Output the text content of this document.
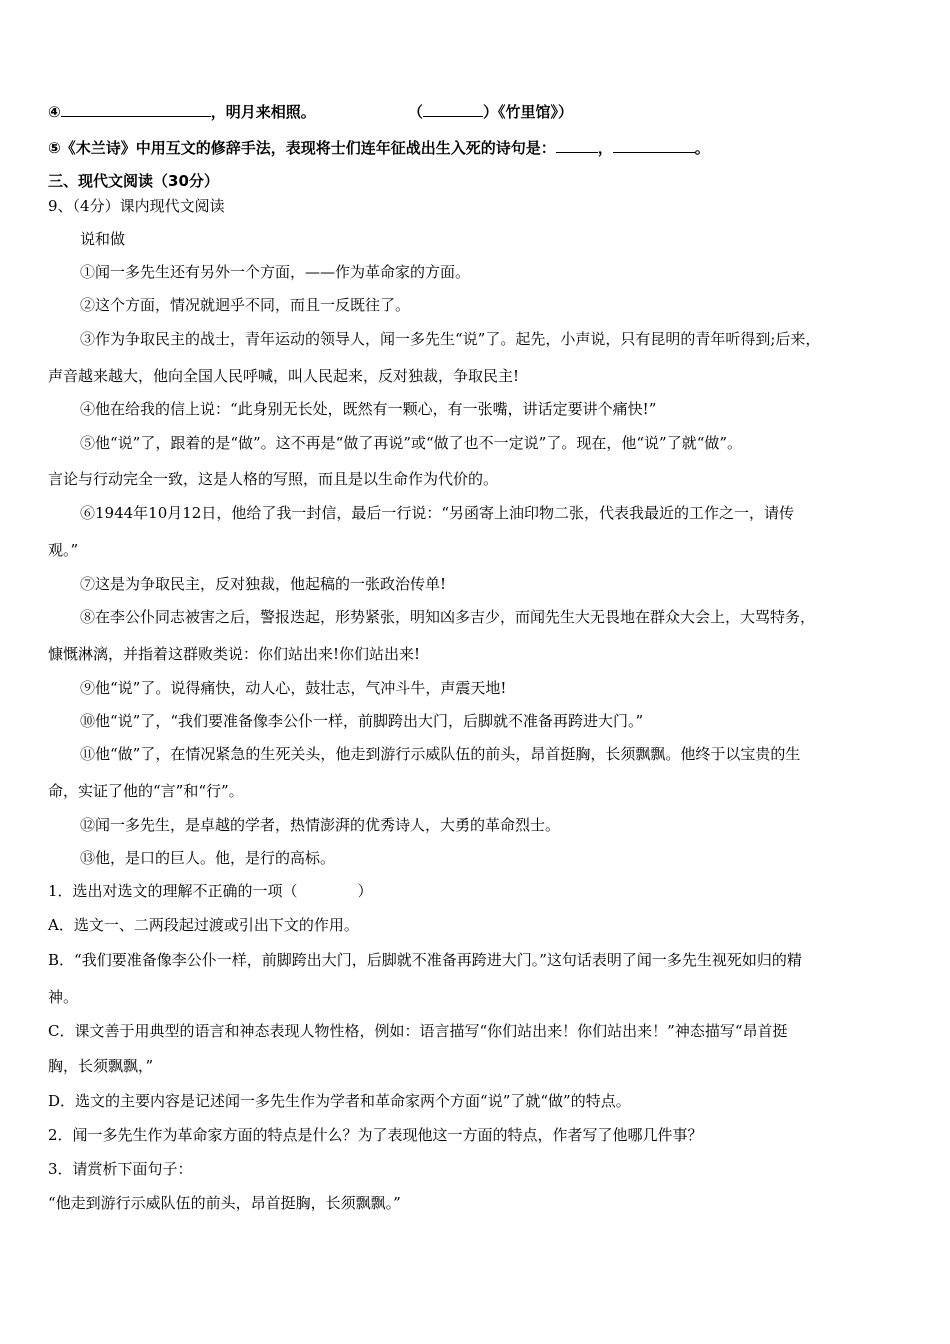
④	，明月来相照。	（	）《竹里馆》）
⑤《木兰诗》中用互文的修辞手法，表现将士们连年征战出生入死的诗句是：	，	。
三、现代文阅读（30分）
9、（4分）课内现代文阅读
说和做
①闻一多先生还有另外一个方面，——作为革命家的方面。
②这个方面，情况就迥乎不同，而且一反既往了。
③作为争取民主的战士，青年运动的领导人，闻一多先生“说”了。起先，小声说，只有昆明的青年听得到;后来，
声音越来越大，他向全国人民呼喊，叫人民起来，反对独裁，争取民主!
④他在给我的信上说：“此身别无长处，既然有一颗心，有一张嘴，讲话定要讲个痛快!”
⑤他“说”了，跟着的是“做”。这不再是“做了再说”或“做了也不一定说”了。现在，他“说”了就“做”。
言论与行动完全一致，这是人格的写照，而且是以生命作为代价的。
⑥1944年10月12日，他给了我一封信，最后一行说：“另函寄上油印物二张，代表我最近的工作之一，请传
观。”
⑦这是为争取民主，反对独裁，他起稿的一张政治传单!
⑧在李公仆同志被害之后，警报迭起，形势紧张，明知凶多吉少，而闻先生大无畏地在群众大会上，大骂特务，
慷慨淋漓，并指着这群败类说：你们站出来!你们站出来!
⑨他“说”了。说得痛快，动人心，鼓壮志，气冲斗牛，声震天地!
⑩他“说”了，“我们要准备像李公仆一样，前脚跨出大门，后脚就不准备再跨进大门。”
⑪他“做”了，在情况紧急的生死关头，他走到游行示威队伍的前头，昂首挺胸，长须飘飘。他终于以宝贵的生
命，实证了他的“言”和“行”。
⑫闻一多先生，是卓越的学者，热情澎湃的优秀诗人，大勇的革命烈士。
⑬他，是口的巨人。他，是行的高标。
1．选出对选文的理解不正确的一项（　　　　）
A．选文一、二两段起过渡或引出下文的作用。
B．“我们要准备像李公仆一样，前脚跨出大门，后脚就不准备再跨进大门。”这句话表明了闻一多先生视死如归的精
神。
C．课文善于用典型的语言和神态表现人物性格，例如：语言描写“你们站出来！你们站出来！”神态描写“昂首挺
胸，长须飘飘，”
D．选文的主要内容是记述闻一多先生作为学者和革命家两个方面“说”了就“做”的特点。
2．闻一多先生作为革命家方面的特点是什么？为了表现他这一方面的特点，作者写了他哪几件事？
3．请赏析下面句子：
“他走到游行示威队伍的前头，昂首挺胸，长须飘飘。”
